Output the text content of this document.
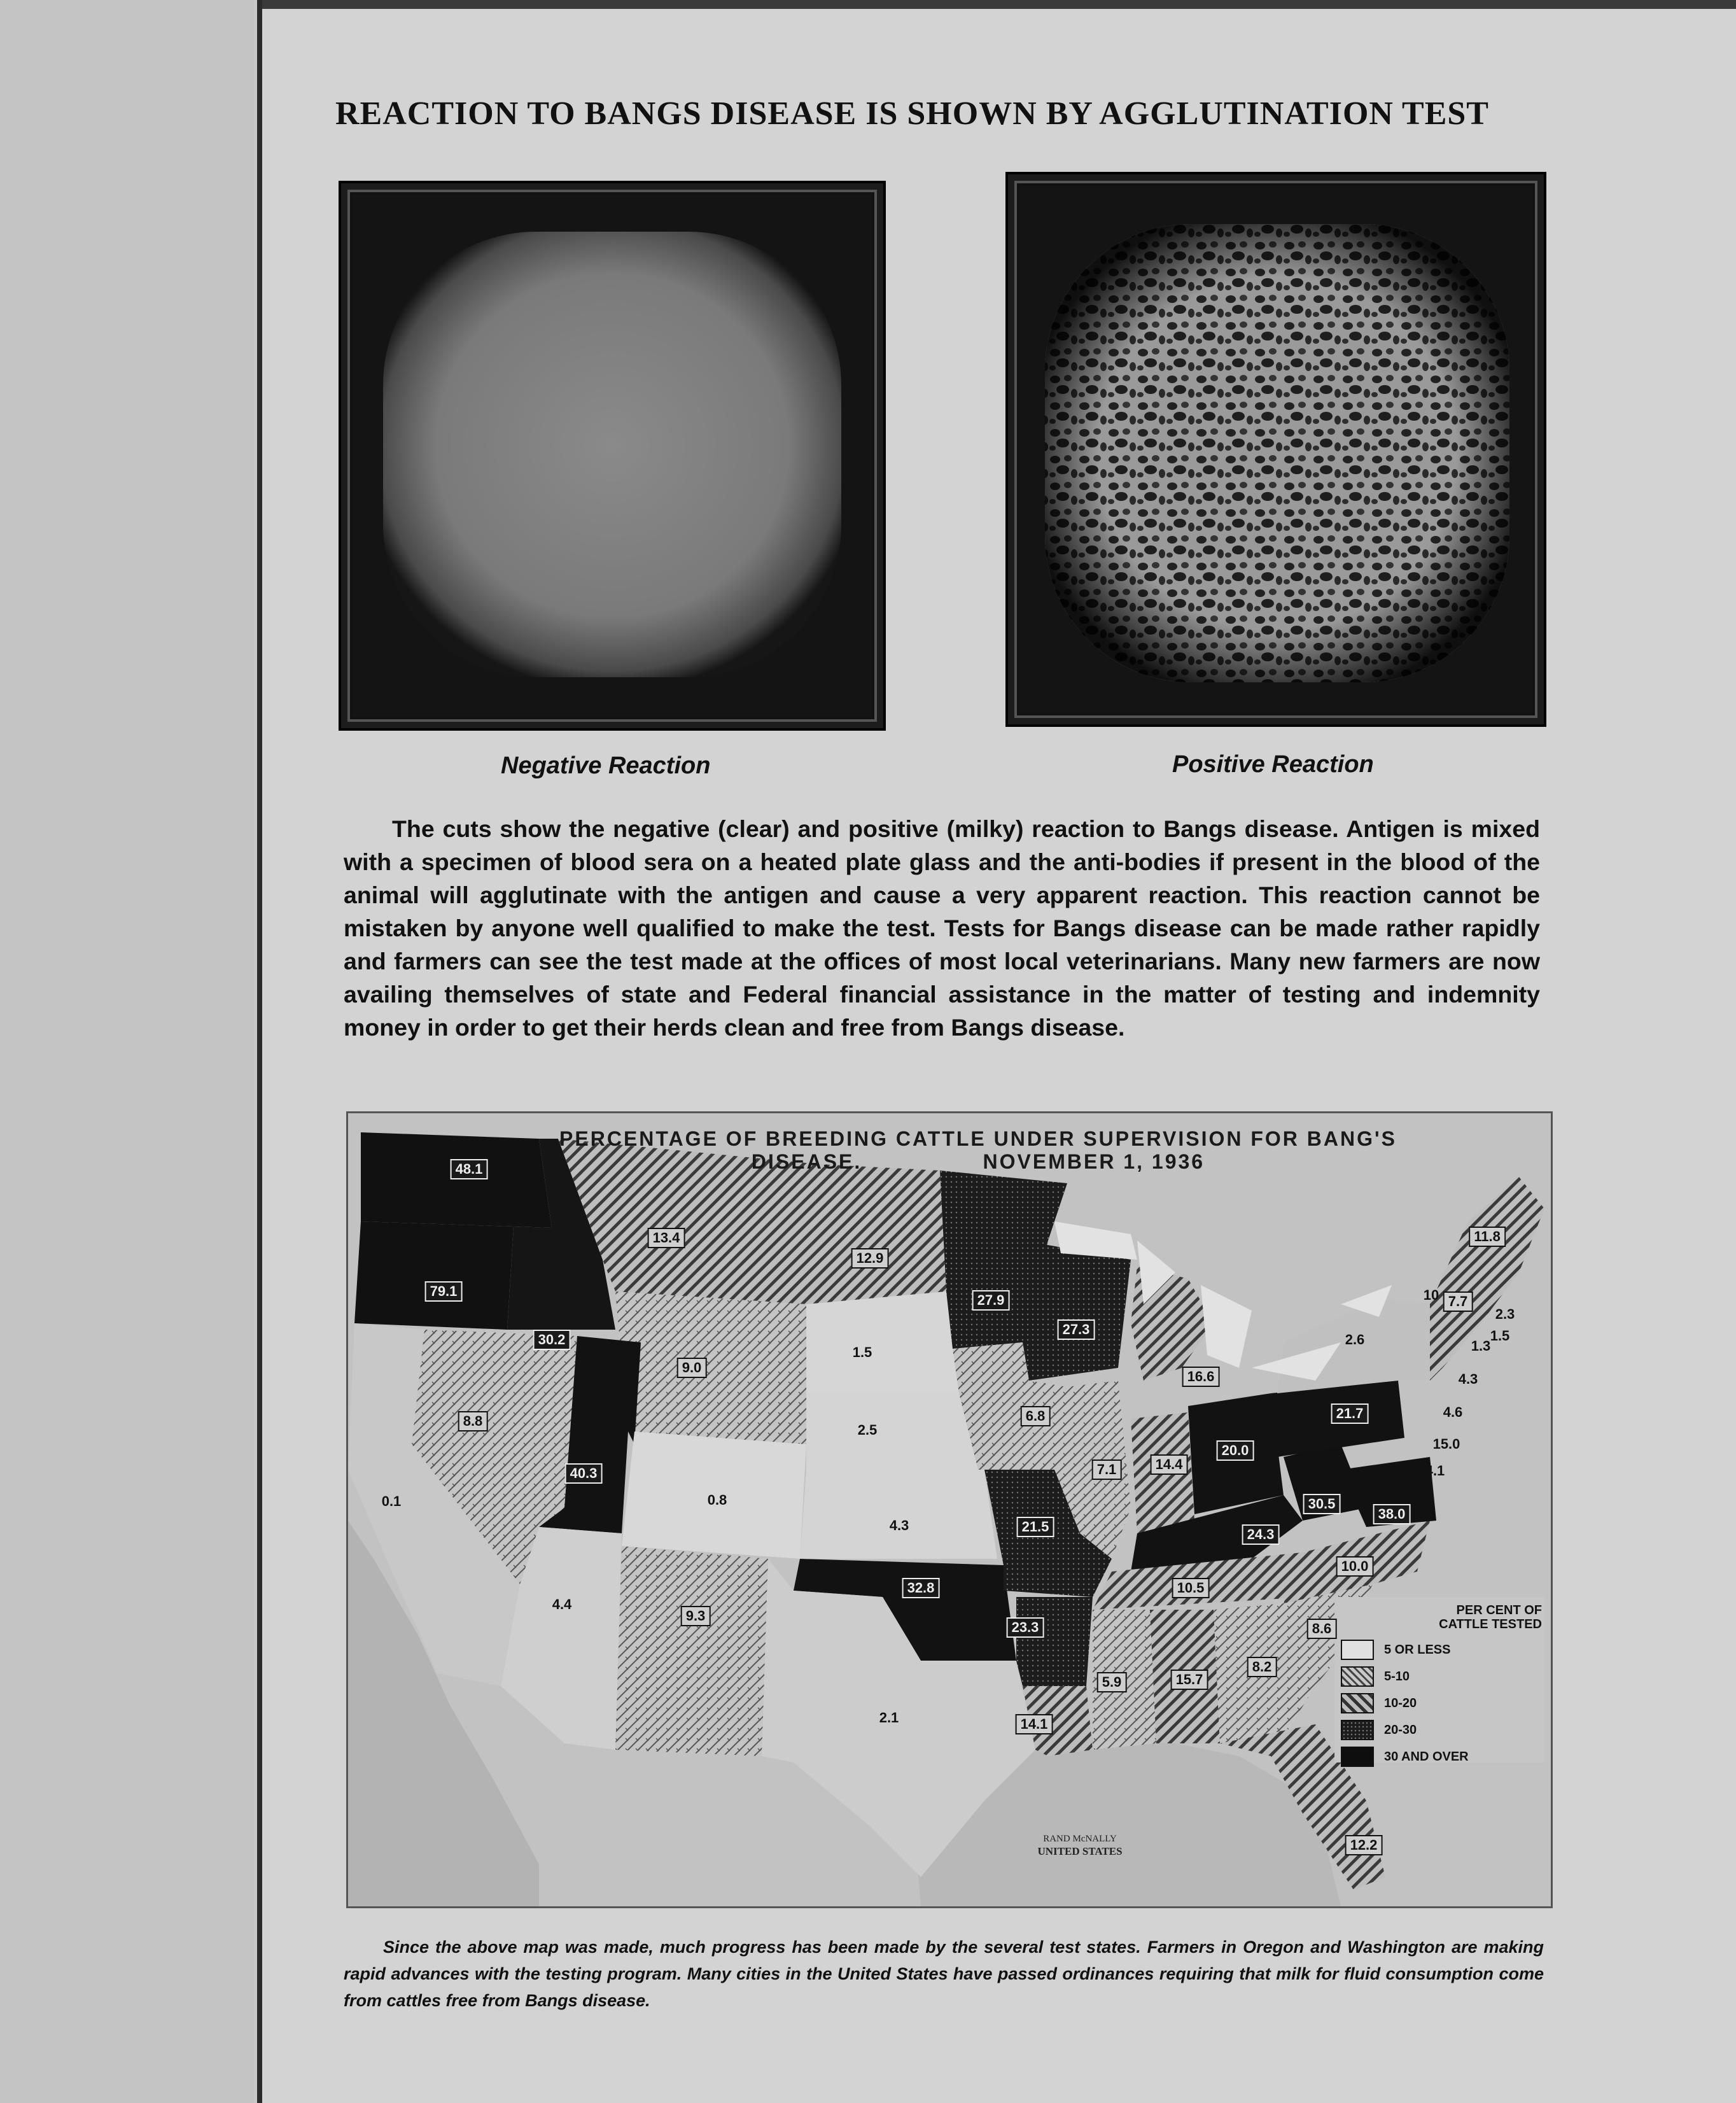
REACTION TO BANGS DISEASE IS SHOWN BY AGGLUTINATION TEST
Negative Reaction	Positive Reaction
The cuts show the negative (clear) and positive (milky) reaction to Bangs disease. Antigen is mixed with a specimen of blood sera on a heated plate glass and the anti-bodies if present in the blood of the animal will agglutinate with the antigen and cause a very apparent reaction. This reaction cannot be mistaken by anyone well qualified to make the test. Tests for Bangs disease can be made rather rapidly and farmers can see the test made at the offices of most local veterinarians. Many new farmers are now availing themselves of state and Federal financial assistance in the matter of testing and indemnity money in order to get their herds clean and free from Bangs disease.
PERCENTAGE OF BREEDING CATTLE UNDER SUPERVISION FOR BANG'S
DISEASE.                NOVEMBER 1, 1936
48.1
79.1
30.2
13.4
12.9
1.5
9.0
8.8
0.1
40.3
0.8
2.5
4.3
4.4
9.3
32.8
2.1
27.9
27.3
16.6
6.8
7.1	14.4
20.0
21.7
2.6
21.5
23.3
14.1
5.9	15.7
8.2
12.2
8.6
10.0
38.0
30.5
24.3
10.5
11.8
10 7.7
2.3
1.5
1.3
4.3
4.6
15.0
4.1
RAND McNALLY
UNITED STATES
PER CENT OF
CATTLE TESTED
5 OR LESS
5-10
10-20
20-30
30 AND OVER
Since the above map was made, much progress has been made by the several test states. Farmers in Oregon and Washington are making rapid advances with the testing program. Many cities in the United States have passed ordinances requiring that milk for fluid consumption come from cattles free from Bangs disease.
